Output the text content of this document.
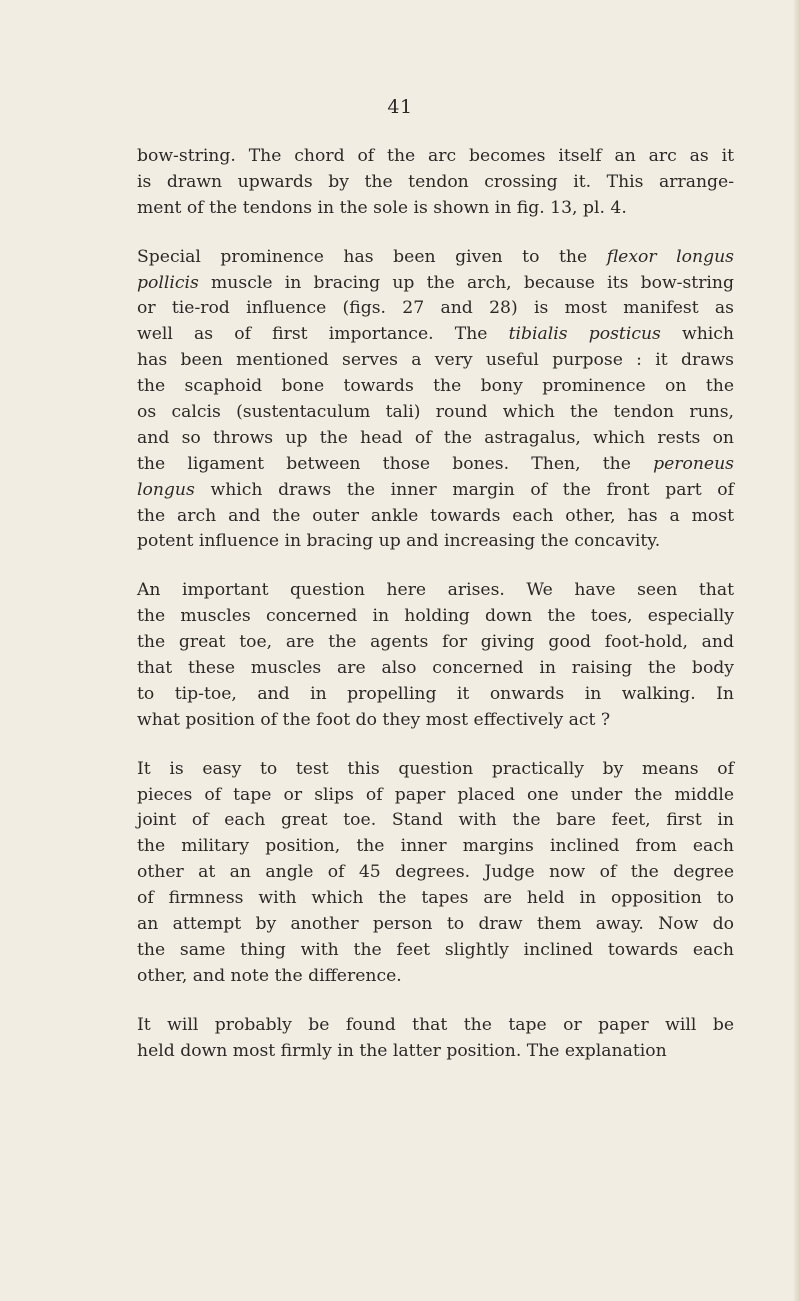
41
bow-string. The chord of the arc becomes itself an arc as it
is drawn upwards by the tendon crossing it. This arrange-
ment of the tendons in the sole is shown in fig. 13, pl. 4.
Special prominence has been given to the flexor longus
pollicis muscle in bracing up the arch, because its bow-string
or tie-rod influence (figs. 27 and 28) is most manifest as
well as of first importance. The tibialis posticus which
has been mentioned serves a very useful purpose : it draws
the scaphoid bone towards the bony prominence on the
os calcis (sustentaculum tali) round which the tendon runs,
and so throws up the head of the astragalus, which rests on
the ligament between those bones. Then, the peroneus
longus which draws the inner margin of the front part of
the arch and the outer ankle towards each other, has a most
potent influence in bracing up and increasing the concavity.
An important question here arises. We have seen that
the muscles concerned in holding down the toes, especially
the great toe, are the agents for giving good foot-hold, and
that these muscles are also concerned in raising the body
to tip-toe, and in propelling it onwards in walking. In
what position of the foot do they most effectively act ?
It is easy to test this question practically by means of
pieces of tape or slips of paper placed one under the middle
joint of each great toe. Stand with the bare feet, first in
the military position, the inner margins inclined from each
other at an angle of 45 degrees. Judge now of the degree
of firmness with which the tapes are held in opposition to
an attempt by another person to draw them away. Now do
the same thing with the feet slightly inclined towards each
other, and note the difference.
It will probably be found that the tape or paper will be
held down most firmly in the latter position. The explanation
